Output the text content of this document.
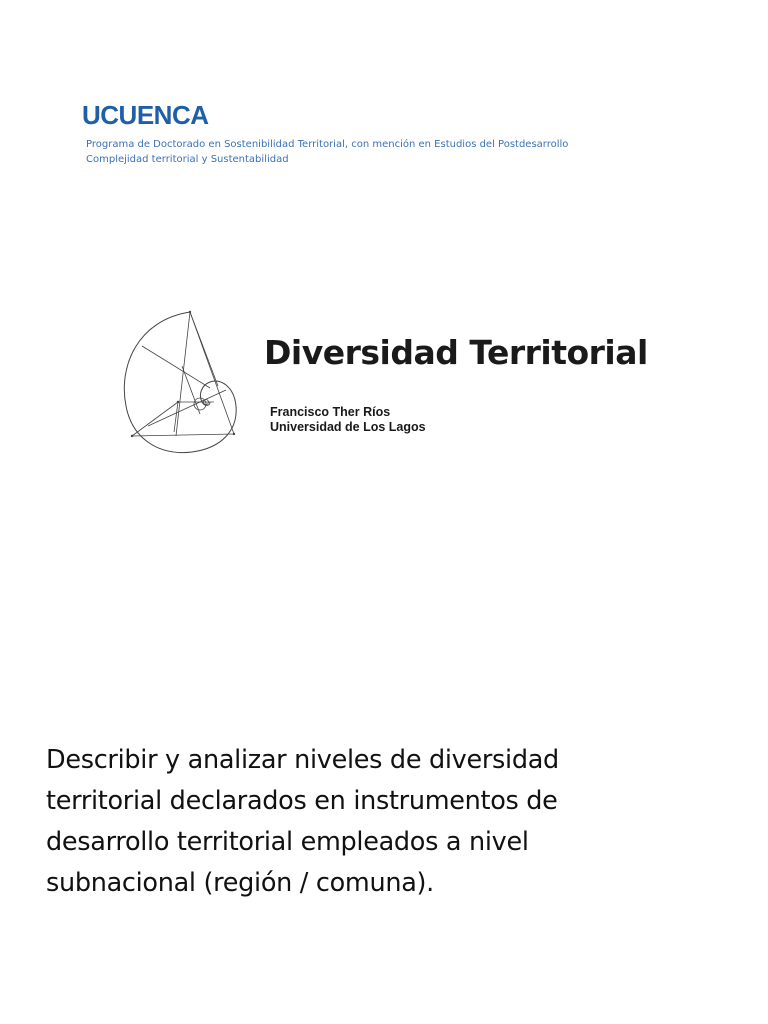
UCUENCA
Programa de Doctorado en Sostenibilidad Territorial, con mención en Estudios del Postdesarrollo
Complejidad territorial y Sustentabilidad
Diversidad Territorial
Francisco Ther Ríos
Universidad de Los Lagos
Describir y analizar niveles de diversidad
territorial declarados en instrumentos de
desarrollo territorial empleados a nivel
subnacional (región / comuna).
